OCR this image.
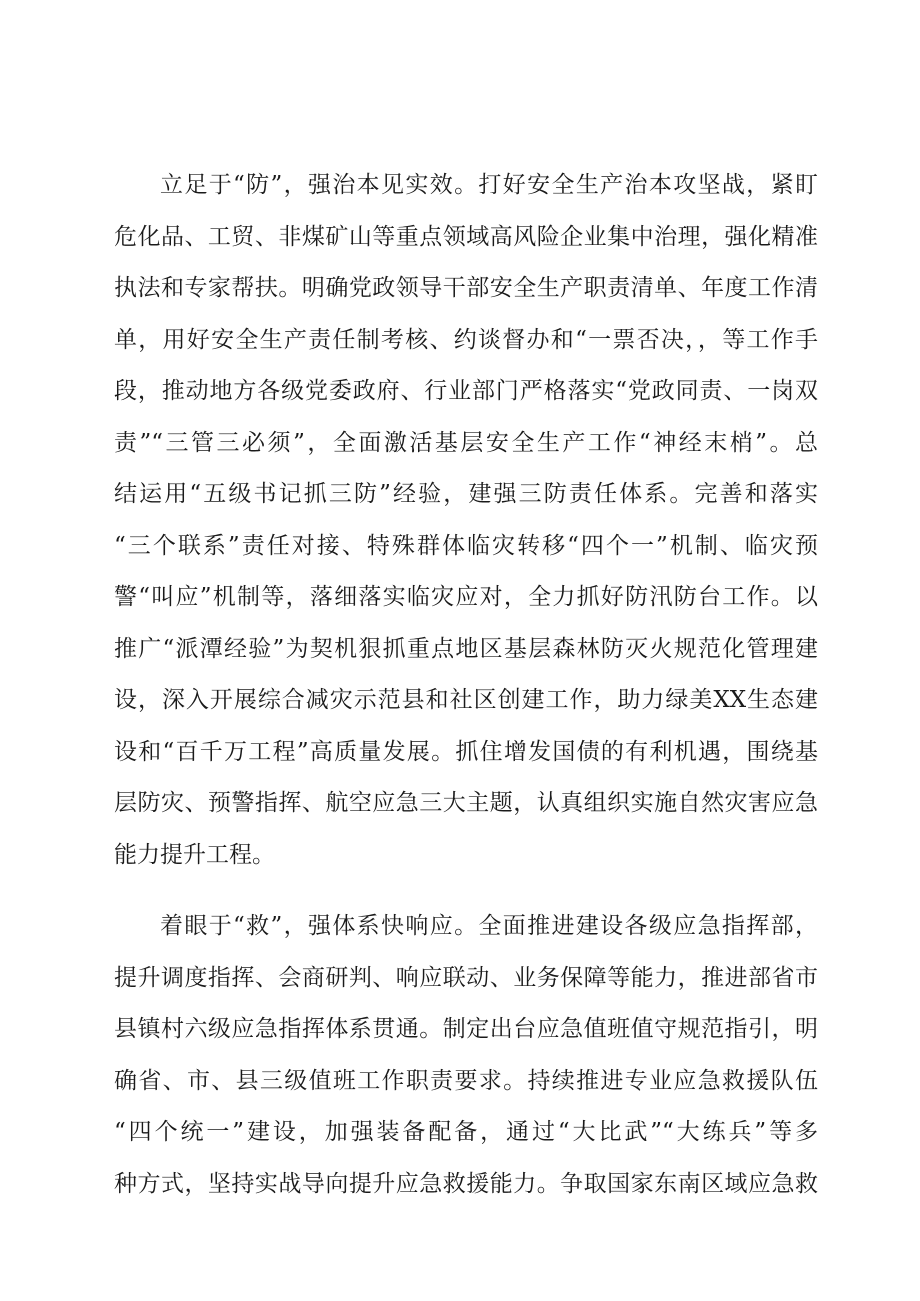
立足于“防”，强治本见实效。打好安全生产治本攻坚战，紧盯
危化品、工贸、非煤矿山等重点领域高风险企业集中治理，强化精准
执法和专家帮扶。明确党政领导干部安全生产职责清单、年度工作清
单，用好安全生产责任制考核、约谈督办和“一票否决，，等工作手
段，推动地方各级党委政府、行业部门严格落实“党政同责、一岗双
责”“三管三必须”，全面激活基层安全生产工作“神经末梢”。总
结运用“五级书记抓三防”经验，建强三防责任体系。完善和落实
“三个联系”责任对接、特殊群体临灾转移“四个一”机制、临灾预
警“叫应”机制等，落细落实临灾应对，全力抓好防汛防台工作。以
推广“派潭经验”为契机狠抓重点地区基层森林防灭火规范化管理建
设，深入开展综合减灾示范县和社区创建工作，助力绿美XX生态建
设和“百千万工程”高质量发展。抓住增发国债的有利机遇，围绕基
层防灾、预警指挥、航空应急三大主题，认真组织实施自然灾害应急
能力提升工程。
着眼于“救”，强体系快响应。全面推进建设各级应急指挥部，
提升调度指挥、会商研判、响应联动、业务保障等能力，推进部省市
县镇村六级应急指挥体系贯通。制定出台应急值班值守规范指引，明
确省、市、县三级值班工作职责要求。持续推进专业应急救援队伍
“四个统一”建设，加强装备配备，通过“大比武”“大练兵”等多
种方式，坚持实战导向提升应急救援能力。争取国家东南区域应急救
